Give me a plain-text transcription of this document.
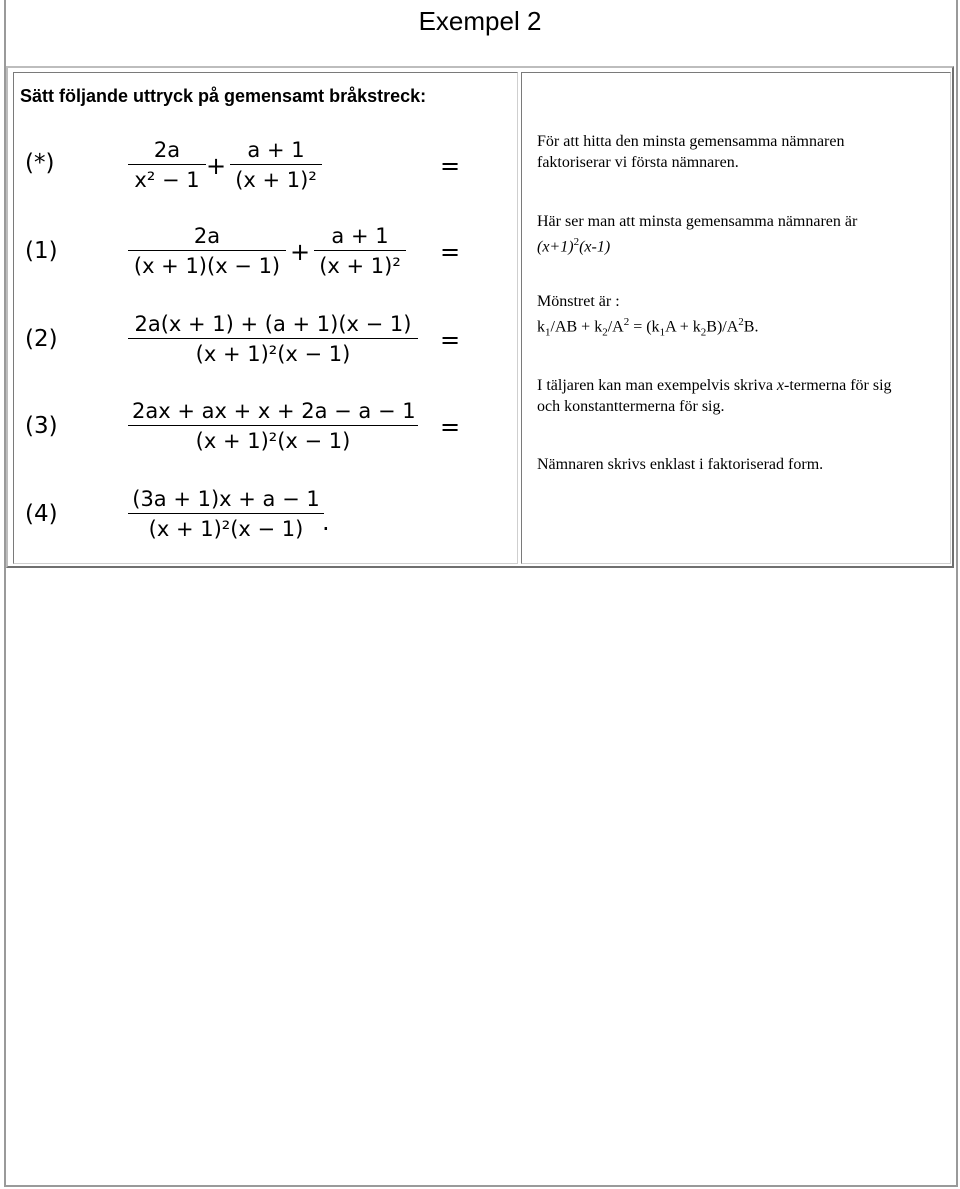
Exempel 2
Sätt följande uttryck på gemensamt bråkstreck:
(*)	2a
x² − 1 +
a + 1
(x + 1)²	=
(1)
2a
(x + 1)(x − 1) +
a + 1
(x + 1)² =
(2)
2a(x + 1) + (a + 1)(x − 1)
(x + 1)²(x − 1)	=
(3)
2ax + ax + x + 2a − a − 1
(x + 1)²(x − 1)	=
(4)
(3a + 1)x + a − 1
(x + 1)²(x − 1) .
För att hitta den minsta gemensamma nämnaren
faktoriserar vi första nämnaren.
Här ser man att minsta gemensamma nämnaren är
$(x+1)^2(x-1)$
Mönstret är :
$k_1/AB + k_2/A^2 = (k_1A + k_2B)/A^2B$.
I täljaren kan man exempelvis skriva x-termerna för sig
och konstanttermerna för sig.
Nämnaren skrivs enklast i faktoriserad form.
